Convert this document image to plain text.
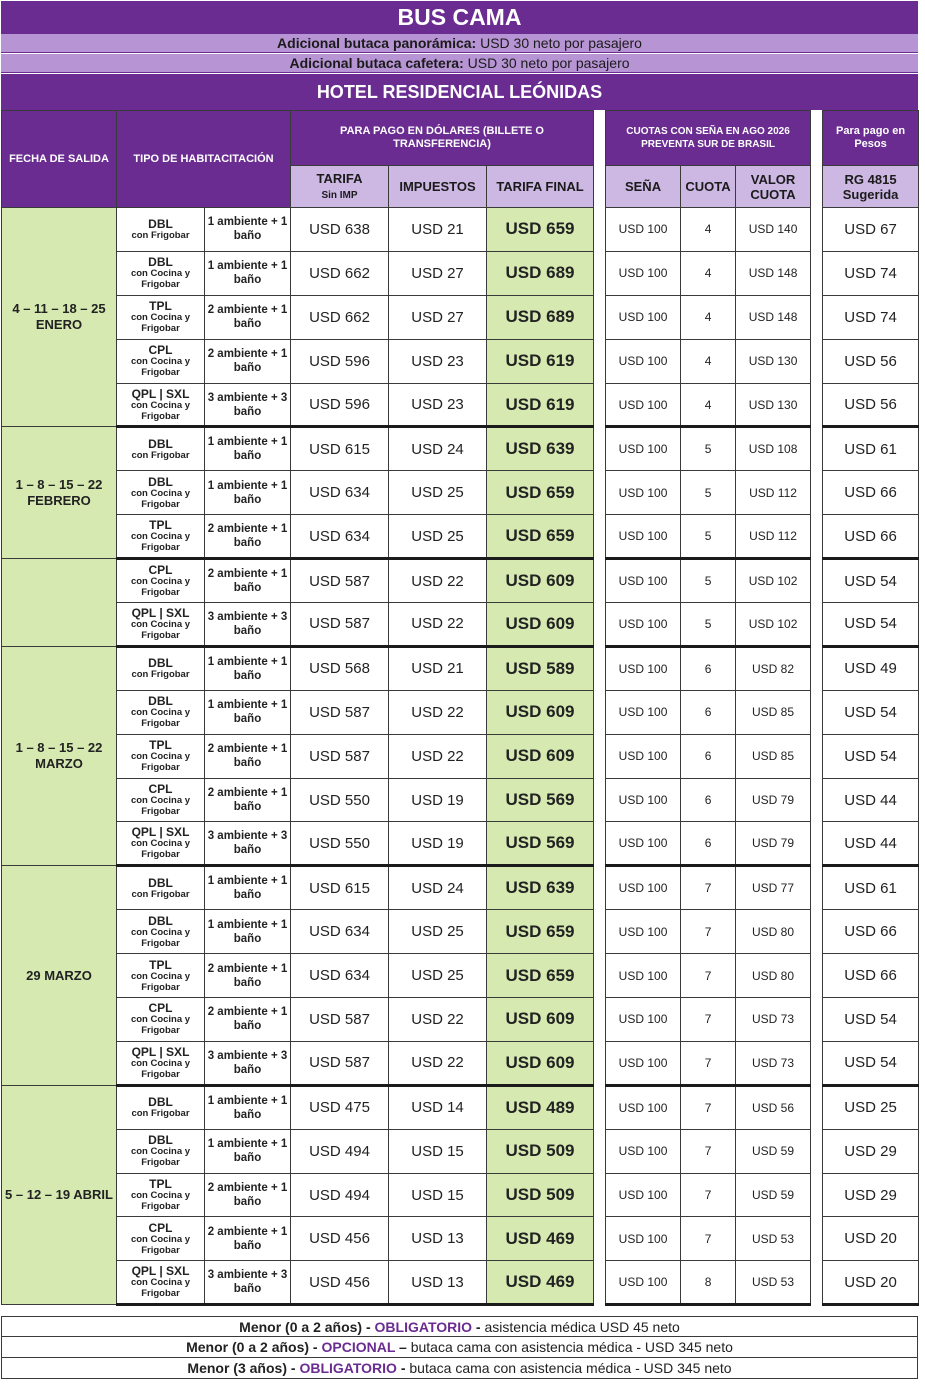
BUS CAMA
Adicional butaca panorámica: USD 30 neto por pasajero
Adicional butaca cafetera: USD 30 neto por pasajero
HOTEL RESIDENCIAL LEÓNIDAS
FECHA DE SALIDA	TIPO DE HABITACITACIÓN		PARA PAGO EN DÓLARES (BILLETE O TRANSFERENCIA)				CUOTAS CON SEÑA EN AGO 2026 PREVENTA SUR DE BRASIL				Para pago en Pesos
			TARIFA
Sin IMP	IMPUESTOS	TARIFA FINAL		SEÑA	CUOTA	VALOR CUOTA		RG 4815 Sugerida
4 – 11 – 18 – 25 ENERO	DBL
con Frigobar	1 ambiente + 1 baño	USD 638	USD 21	USD 659		USD 100	4	USD 140		USD 67
	DBL
con Cocina y Frigobar	1 ambiente + 1 baño	USD 662	USD 27	USD 689		USD 100	4	USD 148		USD 74
	TPL
con Cocina y Frigobar	2 ambiente + 1 baño	USD 662	USD 27	USD 689		USD 100	4	USD 148		USD 74
	CPL
con Cocina y Frigobar	2 ambiente + 1 baño	USD 596	USD 23	USD 619		USD 100	4	USD 130		USD 56
	QPL | SXL
con Cocina y Frigobar	3 ambiente + 3 baño	USD 596	USD 23	USD 619		USD 100	4	USD 130		USD 56
1 – 8 – 15 – 22 FEBRERO	DBL
con Frigobar	1 ambiente + 1 baño	USD 615	USD 24	USD 639		USD 100	5	USD 108		USD 61
	DBL
con Cocina y Frigobar	1 ambiente + 1 baño	USD 634	USD 25	USD 659		USD 100	5	USD 112		USD 66
	TPL
con Cocina y Frigobar	2 ambiente + 1 baño	USD 634	USD 25	USD 659		USD 100	5	USD 112		USD 66
	CPL
con Cocina y Frigobar	2 ambiente + 1 baño	USD 587	USD 22	USD 609		USD 100	5	USD 102		USD 54
	QPL | SXL
con Cocina y Frigobar	3 ambiente + 3 baño	USD 587	USD 22	USD 609		USD 100	5	USD 102		USD 54
1 – 8 – 15 – 22 MARZO	DBL
con Frigobar	1 ambiente + 1 baño	USD 568	USD 21	USD 589		USD 100	6	USD 82		USD 49
	DBL
con Cocina y Frigobar	1 ambiente + 1 baño	USD 587	USD 22	USD 609		USD 100	6	USD 85		USD 54
	TPL
con Cocina y Frigobar	2 ambiente + 1 baño	USD 587	USD 22	USD 609		USD 100	6	USD 85		USD 54
	CPL
con Cocina y Frigobar	2 ambiente + 1 baño	USD 550	USD 19	USD 569		USD 100	6	USD 79		USD 44
	QPL | SXL
con Cocina y Frigobar	3 ambiente + 3 baño	USD 550	USD 19	USD 569		USD 100	6	USD 79		USD 44
29 MARZO	DBL
con Frigobar	1 ambiente + 1 baño	USD 615	USD 24	USD 639		USD 100	7	USD 77		USD 61
	DBL
con Cocina y Frigobar	1 ambiente + 1 baño	USD 634	USD 25	USD 659		USD 100	7	USD 80		USD 66
	TPL
con Cocina y Frigobar	2 ambiente + 1 baño	USD 634	USD 25	USD 659		USD 100	7	USD 80		USD 66
	CPL
con Cocina y Frigobar	2 ambiente + 1 baño	USD 587	USD 22	USD 609		USD 100	7	USD 73		USD 54
	QPL | SXL
con Cocina y Frigobar	3 ambiente + 3 baño	USD 587	USD 22	USD 609		USD 100	7	USD 73		USD 54
5 – 12 – 19 ABRIL	DBL
con Frigobar	1 ambiente + 1 baño	USD 475	USD 14	USD 489		USD 100	7	USD 56		USD 25
	DBL
con Cocina y Frigobar	1 ambiente + 1 baño	USD 494	USD 15	USD 509		USD 100	7	USD 59		USD 29
	TPL
con Cocina y Frigobar	2 ambiente + 1 baño	USD 494	USD 15	USD 509		USD 100	7	USD 59		USD 29
	CPL
con Cocina y Frigobar	2 ambiente + 1 baño	USD 456	USD 13	USD 469		USD 100	7	USD 53		USD 20
	QPL | SXL
con Cocina y Frigobar	3 ambiente + 3 baño	USD 456	USD 13	USD 469		USD 100	8	USD 53		USD 20
Menor (0 a 2 años) - OBLIGATORIO - asistencia médica USD 45 neto
Menor (0 a 2 años) - OPCIONAL – butaca cama con asistencia médica - USD 345 neto
Menor (3 años) - OBLIGATORIO - butaca cama con asistencia médica - USD 345 neto
